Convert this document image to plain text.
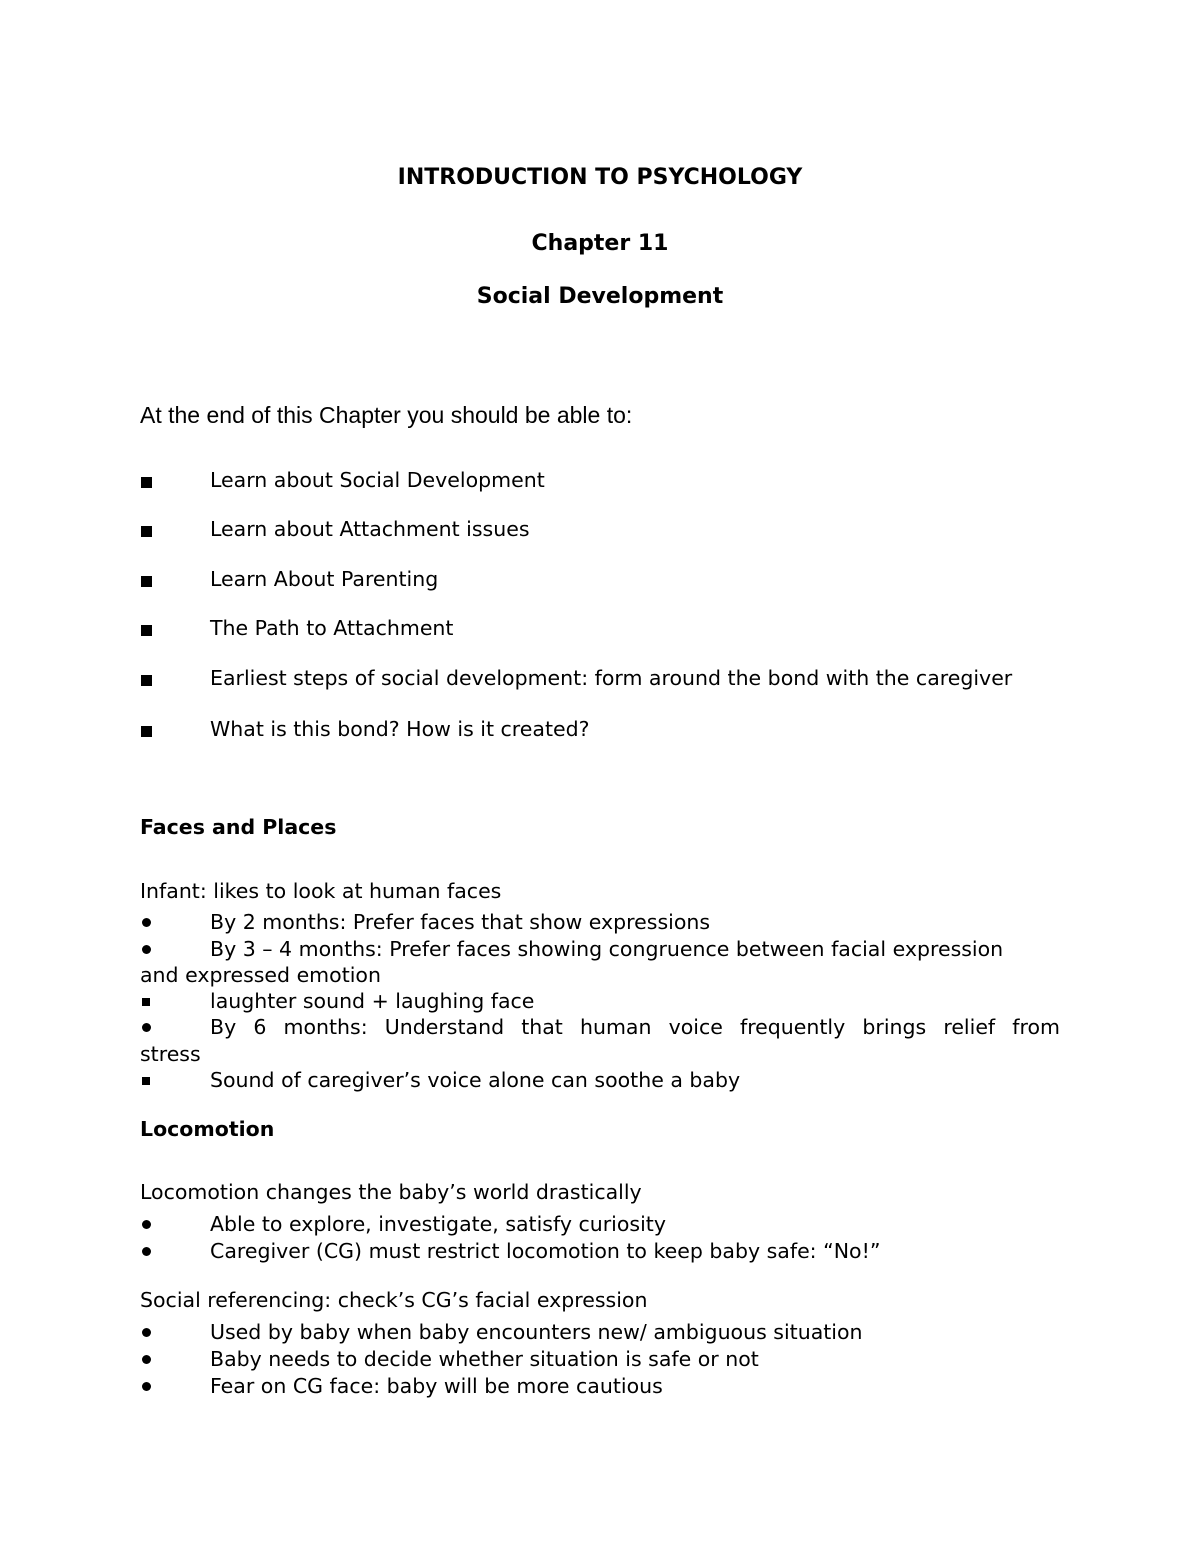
INTRODUCTION TO PSYCHOLOGY
Chapter 11
Social Development
At the end of this Chapter you should be able to:
Learn about Social Development
Learn about Attachment issues
Learn About Parenting
The Path to Attachment
Earliest steps of social development: form around the bond with the caregiver
What is this bond? How is it created?
Faces and Places
Infant: likes to look at human faces
By 2 months: Prefer faces that show expressions
By 3 – 4 months: Prefer faces showing congruence between facial expression
and expressed emotion
laughter sound + laughing face
By 6 months: Understand that human voice frequently brings relief from
stress
Sound of caregiver’s voice alone can soothe a baby
Locomotion
Locomotion changes the baby’s world drastically
Able to explore, investigate, satisfy curiosity
Caregiver (CG) must restrict locomotion to keep baby safe: “No!”
Social referencing: check’s CG’s facial expression
Used by baby when baby encounters new/ ambiguous situation
Baby needs to decide whether situation is safe or not
Fear on CG face: baby will be more cautious
